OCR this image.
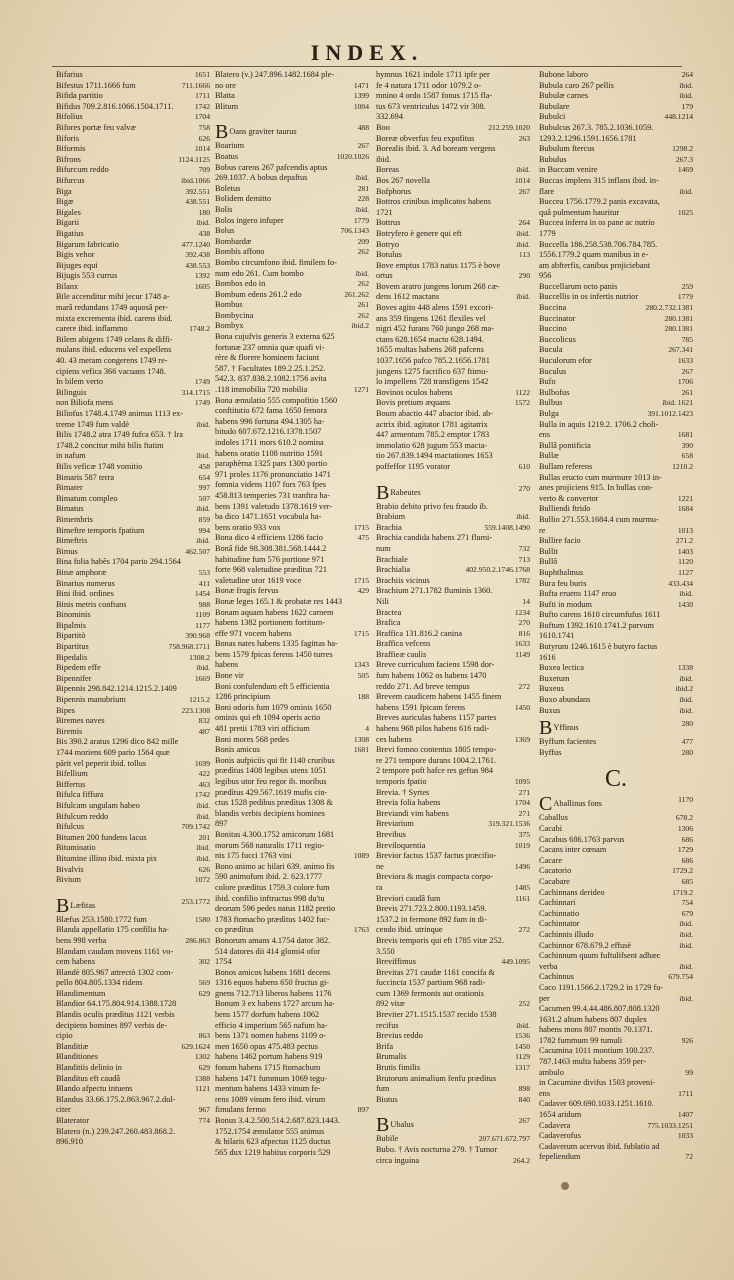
INDEX.
Bifarius	1651
Bifestus 1711.1666 fum	711.1666
Bifida partitio	1711
Bifidus 709.2.816.1066.1504.1711.	1742
Bifolius	1704
Bifores portæ feu valvæ	758
Biforis	626
Biformis	1014
Bifrons	1124.1125
Bifurcum reddo	709
Bifurcus	ibid.1066
Biga	392.551
Bigæ	438.551
Bigales	180
Bigarii	ibid.
Bigatius	438
Bigarum fabricatio	477.1240
Bigis vehor	392.438
Bijuges equi	438.553
Bijugis 553 currus	1392
Bilanx	1605
Bile accenditur mihi jecur 1748 a-
marâ redundans 1749 aquosâ per-
mixta excrementa ibid. carens ibid.
carere ibid. inflammo	1748.2
Bilem abigens 1749 celans & diffi-
mulans ibid. educens vel expellens
40. 43 meram congerens 1749 re-
cipiens vefica 366 vacuans 1748.
In bilem verto	1749
Bilinguis	314.1715
non Biliofa mens	1749
Biliofus 1748.4.1749 animus 1113 ex-
treme 1749 fum valdè	ibid.
Bilis 1748.2 atra 1749 fufca 653. † Ira
1748.2 concitur mihi bilis ftatim
in nafum	ibid.
Bilis veficæ 1748 vomitio	458
Bimaris 587 terra	654
Bimater	997
Bimatum compleo	507
Bimatus	ibid.
Bimembris	859
Bimeftre temporis fpatium	994
Bimeftris	ibid.
Bimus	462.507
Bina folia habẽs 1704 pario 294.1564
Binæ amphoræ	553
Binarius numerus	411
Bini ibid. ordines	1454
Binis metris conftans	988
Binominis	1109
Bipalmis	1177
Bipartitò	390.968
Bipartitus	758.968.1711
Bipedalis	1308.2
Bipedem effe	ibid.
Bipennifer	1669
Bipennis 298.842.1214.1215.2.1409
Bipennis manubrium	1215.2
Bipes	223.1308
Biremes naves	832
Biremis	487
Bis 390.2 aratus 1296 dico 842 mille
1744 moriens 609 pario 1564 quæ
pārit vel peperit ibid. tollus	1699
Bifellium	422
Biffertus	463
Bifulca fiffura	1742
Bifulcam ungulam habeo	ibid.
Bifulcum reddo	ibid.
Bifulcus	709.1742
Bitumen 200 fundens lacus	201
Bituminatio	ibid.
Bitumine illino ibid. mixta pix	ibid.
Bivalvis	626
Bivium	1072
BLæfitas	253.1772
Blæfus 253.1580.1772 fum	1580
Blanda appellatio 175 confilia ha-
bens 998 verba	286.863
Blandam caudam movens 1161 vo-
cem habens	302
Blandè 805.967 attrectò 1302 com-
pello 804.805.1334 ridens	569
Blandimentum	629
Blandior 64.175.804.914.1388.1728
Blandis oculis prædìtus 1121 verbis
decipiens homines 897 verbis de-
cipio	863
Blanditiæ	629.1624
Blanditiones	1302
Blanditiis delinio in	629
Blanditus eft caudâ	1388
Blando afpectu intuens	1121
Blandus 33.66.175.2.863.967.2.dul-
citer	967
Blaterator	774
Blatero (n.) 239.247.260.483.868.2.
896.910
Blatero (v.) 247.896.1482.1684 ple-
no ore	1471
Blatta	1399
Blitum	1004
BOans graviter taurus	488
Boarium	267
Boatus	1020.1026
Bobus carens 267 pafcendis aptus
269.1037. A bobus depaftus	ibid.
Boletus	281
Bolidem demitto	228
Bolis	ibid.
Bolos ingero infuper	1779
Bolus	706.1343
Bombardæ	209
Bombis affono	262
Bombo circumfono ibid. fimilem fo-
num edo 261. Cum bombo	ibid.
Bombos edo in	262
Bombum edens 261.2 edo	261.262
Bombus	261
Bombycina	262
Bombyx	ibid.2
Bona cujufvis generis 3 externa 625
fortunæ 237 omnia quæ quafi vi-
rère & florere hominem faciunt
587. † Facultates 189.2.25.1.252.
542.3. 837.838.2.1082.1756 avita
.118 immobilia 720 mobilia	1271
Bona æmulatio 555 compofitio 1560
conftitutio 672 fama 1650 femora
habens 996 fortuna 494.1305 ha-
bitudo 607.672.1216.1378.1507
indoles 1711 mors 610.2 nomina
habens oratio 1108 nutritio 1591
paraphèrna 1325 pars 1300 portio
971 proles 1176 pronunciatio 1471
fomnia videns 1107 fors 763 fpes
458.813 temperies 731 tranftra ha-
bens 1391 valetudo 1378.1619 ver-
ba dico 1471.1651 vocabula ha-
bens oratio 933 vox	1715
Bona dico 4 efficiens 1286 facio	475
Bonâ fide 98.308.381.568.1444.2
habitudine fum 576 portione 971
forte 968 valetudine prædìtus 721
valetudine utor 1619 voce	1715
Bonæ frugis fervus	429
Bonæ leges 165.1 & probatæ res 1443
Bonam aquam habens 1622 carnem
habens 1382 portionem fortitum-
effe 971 vocem habens	1715
Bonas nates habens 1335 fagittas ha-
bens 1579 fpicas ferens 1450 turres
habens	1343
Bone vir	505
Boni confulendum eft 5 efficientia
1286 principium	188
Boni odoris fum 1079 ominis 1650
ominis qui eft 1094 operis actio
481 pretii 1783 viri officium	4
Boni mores 568 pedes	1308
Bonis amicus	1681
Bonis aufpiciis qui fit 1140 cruribus
prædìtus 1408 legibus utens 1051
legibus utor feu regor ib. moribus
prædìtus 429.567.1619 mufis cin-
ctus 1528 pedibus prædìtus 1308 &
blandis verbis decipiens homines
897
Bonitas 4.300.1752 amicorum 1681
morum 568 naturalis 1711 regio-
nis 175 fucci 1763 vini	1089
Bono animo ac hilari 639. animo fis
590 animofum ibid. 2. 623.1777
colore prædìtus 1759.3 colore fum
ibid. confilio inftructus 998 du'tu
deorum 596 pedes natus 1182 pretio
1783 ftomacho prædìtus 1402 fuc-
co prædìtus	1763
Bonorum amans 4.1754 dator 382.
514 datores dii 414 glomi4 ofor
1754
Bonos amicos habens 1681 decens
1316 equos habens 650 fructus gi-
gnens 712.713 liberos habens 1176
Bonum 3 ex habens 1727 arcum ha-
bens 1577 dorfum habens 1062
efficio 4 imperium 565 nafum ha-
bens 1371 nomen habens 1109 o-
men 1650 opus 475.483 pectus
habens 1462 portum habens 919
fonum habens 1715 ftomachum
habens 1471 fummum 1069 tegu-
mentum habens 1433 vinum fe-
rens 1089 vinum fero ibid. virum
fimulans fermo	897
Bonus 3.4.2.500.514.2.687.823.1443.
1752.1754 æmulator 555 animus
& hilaris 623 afpectus 1125 ductus
565 dux 1219 habitus corporis 529
hymnus 1621 indole 1711 ipfe per
fe 4 natura 1711 odor 1079.2 o-
mnino 4 ordo 1587 fonus 1715 fla-
tus 673 ventriculus 1472 vir 308.
332.694
Boo	212.259.1020
Boreæ obverfus feu expofitus	263
Borealis ibid. 3. Ad boream vergens
ibid.
Boreas	ibid.
Bos 267 novella	1014
Bofphorus	267
Bottros crinibus implicatos habens
1721
Bottrus	264
Botryfero è genere qui eft	ibid.
Botryo	ibid.
Botulus	113
Bove emptus 1783 natus 1175 è bove
ortus	290
Bovem aratro jungens lorum 268 cæ-
dens 1612 mactans	ibid.
Boves agito 448 alens 1591 excori-
ans 359 fingens 1261 flexiles vel
nigri 452 furans 760 jungo 268 ma-
ctans 628.1654 macto 628.1494.
1655 multas habens 268 pafcens
1037.1656 pafco 785.2.1656.1781
jungens 1275 facrifico 637 ftimu-
lo impellens 728 transfigens 1542
Bovinos oculos habens	1122
Bovis pretium æquans	1572
Boum abactio 447 abactor ibid. ab-
actrix ibid. agitator 1781 agitatrix
447 armentum 785.2 emptor 1783
immolatio 628 jugum 553 macta-
tio 267.839.1494 mactationes 1653
poffeffor 1195 vorator	610
BRabeutes	270
Brabio debito privo feu fraudo ib.
Brabium	ibid.
Brachia	559.1408.1490
Brachia candida habens 271 flumi-
num	732
Brachiale	713
Brachialia	402.950.2.1746.1768
Brachiis vicinus	1782
Brachium 271.1782 fluminis 1360.
Nili	14
Bractea	1234
Brafica	270
Braffica 131.816.2 canina	816
Braffica vefcens	1633
Braffieæ caulis	1149
Breve curriculum faciens 1598 dor-
fum habens 1062 os habens 1470
reddo 271. Ad breve tempus	272
Brevem caudicem habens 1455 finem
habens 1591 fpicam ferens	1450
Breves auriculas habens 1157 partes
habens 968 pilos habens 616 radi-
ces habens	1369
Brevi fomno contentus 1805 tempo-
re 271 tempore durans 1004.2.1761.
2 tempore poft hafce res geftas 984
temporis fpatio	1095
Brevia. † Syrtes	271
Brevia folia habens	1704
Breviandi vim habens	271
Breviarium	319.321.1536
Brevibus	375
Breviloquentia	1019
Brevior factus 1537 factus præcifio-
ne	1496
Breviora & magis compacta corpo-
ra	1485
Breviori caudâ fum	1161
Brevis 271.723.2.800.1193.1459.
1537.2 in fermone 892 fum in di-
cendo ibid. utrinque	272
Brevis temporis qui eft 1785 vitæ 252.
3.550
Breviffimus	449.1095
Brevitas 271 caudæ 1161 concifa &
fuccincta 1537 partium 968 radi-
cum 1369 fermonis aut orationis
892 vitæ	252
Breviter 271.1515.1537 recido 1538
recifus	ibid.
Brevius reddo	1536
Brifa	1450
Brumalis	1129
Brutis fimilis	1317
Brutorum animalium fenfu prædìtus
fum	898
Biutus	840
BUbalus	267
Bubile	207.671.672.797
Bubo. † Avis nocturna 279. † Tumor
circa inguina	264.2
Bubone laboro	264
Bubula caro 267 pellis	ibid.
Bubulæ carnes	ibid.
Bubulare	179
Bubulci	448.1214
Bubulcus 267.3. 785.2.1036.1059.
1293.2.1296.1591.1656.1781
Bubulum ftercus	1298.2
Bubulus	267.3
in Buccam venire	1469
Buccas implens 315 inflans ibid. in-
flare	ibid.
Buccea 1756.1779.2 panis excavata,
quâ pulmentum hauritur	1025
Buccea inferra in os pane ac nutrio
1779
Buccella 186.258.538.706.784.785.
1556.1779.2 quam manibus in e-
am abfterfis, canibus projiciebant
956
Buccellarum octo panis	259
Buccellis in os infertis nutrior	1779
Buccina	280.2.732.1381
Buccinator	280.1381
Buccino	280.1381
Buccolicus	785
Bucula	267.341
Buculorum efor	1633
Buculus	267
Bufo	1706
Bulbofus	261
Bulbus	ibid. 1621
Bulga	391.1012.1423
Bulla in aquis 1219.2. 1706.2 choli-
ens	1681
Bullâ pontificia	390
Bullæ	658
Bullam referens	1210.2
Bullas eructo cum murmure 1013 in-
anes projiciens 915. In bullas con-
verto & convertor	1221
Bulliendi ftrido	1684
Bullio 271.553.1684.4 cum murmu-
re	1013
Bullire facio	271.2
Bullit	1403
Bullô	1120
Buphthalmus	1127
Bura feu buris	433.434
Bufta eruens 1147 eruo	ibid.
Bufti in modum	1430
Bufto carens 1610 circumfufus 1611
Buftum 1392.1610.1741.2 parvum
1610.1741
Butyrum 1246.1615 è butyro factus
1616
Buxea lectica	1338
Buxetum	ibid.
Buxeus	ibid.2
Buxo abundans	ibid.
Buxus	ibid.
BYffinus	280
Byffum facientes	477
Byffus	280
C.
CAballinus fons	1170
Caballus	678.2
Cacabi	1306
Cacabus 686.1763 parvus	686
Cacans inter cœnam	1729
Cacare	686
Cacatorio	1729.2
Cacabare	685
Cachinnans derideo	1719.2
Cachinnari	754
Cachinnatio	679
Cachinnator	ibid.
Cachinnis illudo	ibid.
Cachinnor 678.679.2 effusè	ibid.
Cachinnum quum fuftulifsent adhæc
verba	ibid.
Cachinnus	679.754
Caco 1191.1566.2.1729.2 in 1729 fu-
per	ibid.
Cacumen 99.4.44.486.807.808.1320
1631.2 altum habens 807 duplex
habens mons 807 montis 70.1371.
1782 fummum 99 tumuli	926
Cacumina 1011 montium 100.237.
787.1463 multa habens 359 per-
ambulo	99
in Cacumine divifus 1503 proveni-
ens	1711
Cadaver 609.690.1033.1251.1610.
1654 aridum	1407
Cadavera	775.1033.1251
Cadaverofus	1033
Cadaverum acervus ibid. fublatio ad
fepeliendum	72
